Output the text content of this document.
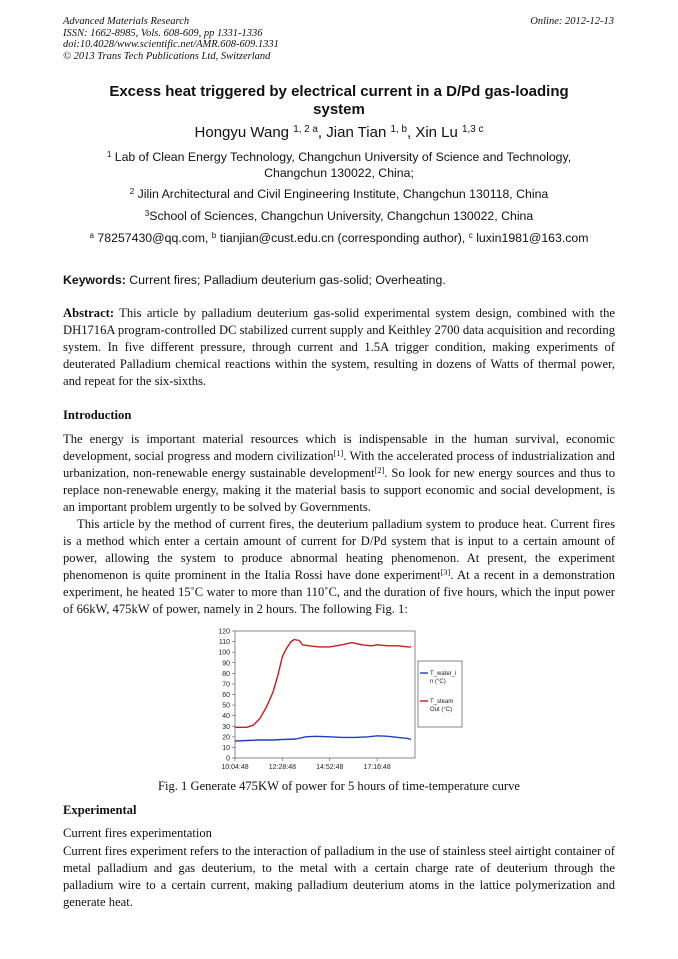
Advanced Materials Research
ISSN: 1662-8985, Vols. 608-609, pp 1331-1336
doi:10.4028/www.scientific.net/AMR.608-609.1331
© 2013 Trans Tech Publications Ltd, Switzerland
Online: 2012-12-13
Excess heat triggered by electrical current in a D/Pd gas-loading
system
Hongyu Wang $^{1, 2 a}$, Jian Tian $^{1, b}$, Xin Lu $^{1,3 c}$
$^1$ Lab of Clean Energy Technology, Changchun University of Science and Technology,
Changchun 130022, China;
$^2$ Jilin Architectural and Civil Engineering Institute, Changchun 130118, China
$^3$School of Sciences, Changchun University, Changchun 130022, China
$^a$ 78257430@qq.com, $^b$ tianjian@cust.edu.cn (corresponding author), $^c$ luxin1981@163.com
Keywords: Current fires; Palladium deuterium gas-solid; Overheating.
Abstract: This article by palladium deuterium gas-solid experimental system design, combined with the DH1716A program-controlled DC stabilized current supply and Keithley 2700 data acquisition and recording system. In five different pressure, through current and 1.5A trigger condition, making experiments of deuterated Palladium chemical reactions within the system, resulting in dozens of Watts of thermal power, and repeat for the six-sixths.
Introduction
The energy is important material resources which is indispensable in the human survival, economic development, social progress and modern civilization[1]. With the accelerated process of industrialization and urbanization, non-renewable energy sustainable development[2]. So look for new energy sources and thus to replace non-renewable energy, making it the material basis to support economic and social development, is an important problem urgently to be solved by Governments.
This article by the method of current fires, the deuterium palladium system to produce heat. Current fires is a method which enter a certain amount of current for D/Pd system that is input to a certain amount of power, allowing the system to produce abnormal heating phenomenon. At present, the experiment phenomenon is quite prominent in the Italia Rossi have done experiment[3]. At a recent in a demonstration experiment, he heated 15˚C water to more than 110˚C, and the duration of five hours, which the input power of 66kW, 475kW of power, namely in 2 hours. The following Fig. 1:
0
10
20
30
40
50
60
70
80
90
100
110
120
10:04:48	12:28:48	14:52:48	17:16:48
T_water_i
n (°C)
T_steam
Out (°C)
Fig. 1 Generate 475KW of power for 5 hours of time-temperature curve
Experimental
Current fires experimentation
Current fires experiment refers to the interaction of palladium in the use of stainless steel airtight container of metal palladium and gas deuterium, to the metal with a certain charge rate of deuterium through the palladium wire to a certain current, making palladium deuterium atoms in the lattice polymerization and generate heat.
